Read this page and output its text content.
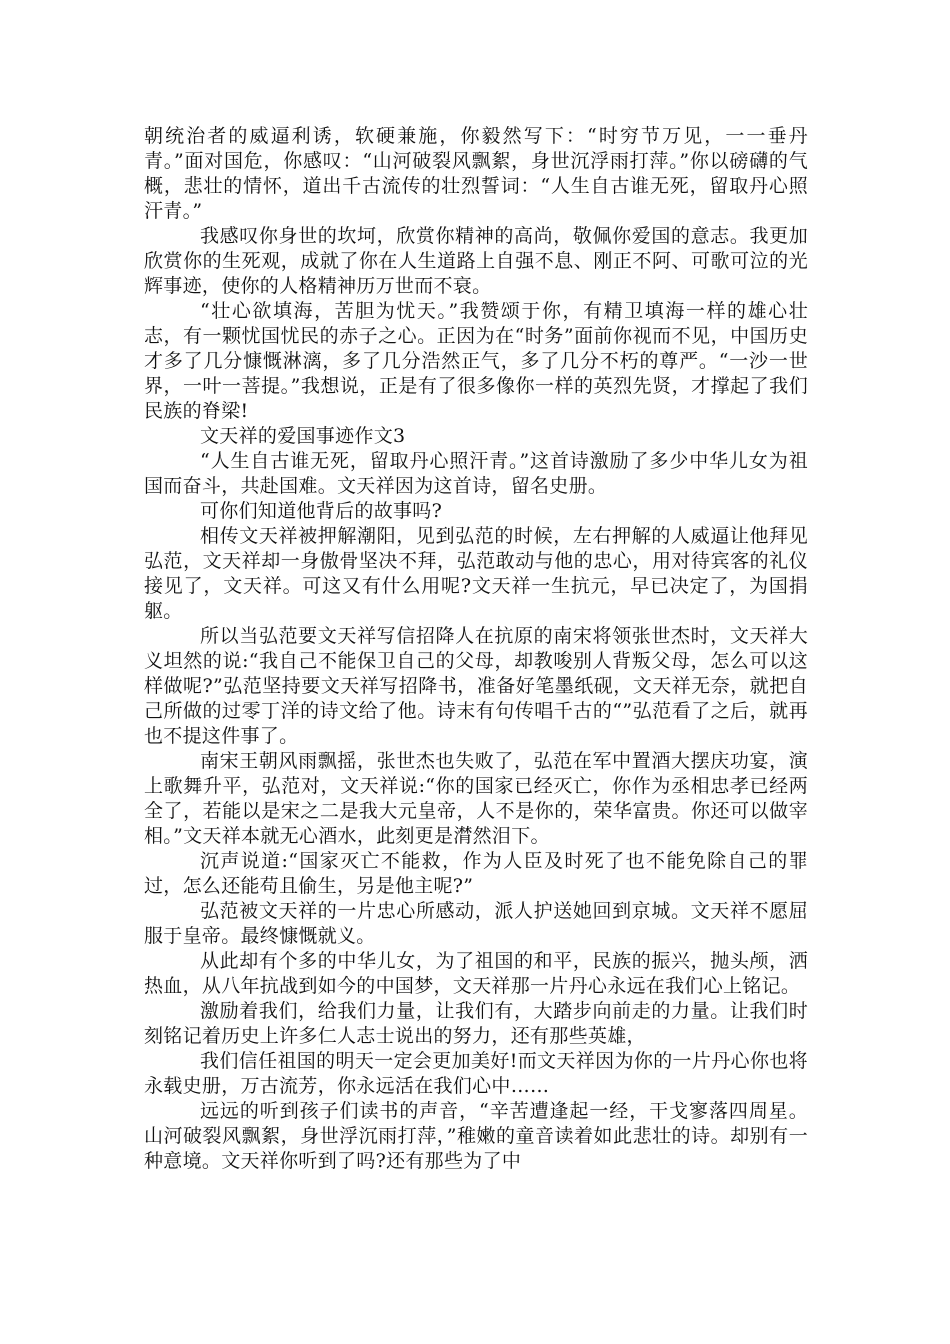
朝统治者的威逼利诱，软硬兼施，你毅然写下：“时穷节万见，一一垂丹青。”面对国危，你感叹：“山河破裂风飘絮，身世沉浮雨打萍。”你以磅礴的气概，悲壮的情怀，道出千古流传的壮烈誓词：“人生自古谁无死，留取丹心照汗青。”

我感叹你身世的坎坷，欣赏你精神的高尚，敬佩你爱国的意志。我更加欣赏你的生死观，成就了你在人生道路上自强不息、刚正不阿、可歌可泣的光辉事迹，使你的人格精神历万世而不衰。

“壮心欲填海，苦胆为忧天。”我赞颂于你，有精卫填海一样的雄心壮志，有一颗忧国忧民的赤子之心。正因为在“时务”面前你视而不见，中国历史才多了几分慷慨淋漓，多了几分浩然正气，多了几分不朽的尊严。“一沙一世界，一叶一菩提。”我想说，正是有了很多像你一样的英烈先贤，才撑起了我们民族的脊梁!

文天祥的爱国事迹作文3

“人生自古谁无死，留取丹心照汗青。”这首诗激励了多少中华儿女为祖国而奋斗，共赴国难。文天祥因为这首诗，留名史册。

可你们知道他背后的故事吗?

相传文天祥被押解潮阳，见到弘范的时候，左右押解的人威逼让他拜见弘范，文天祥却一身傲骨坚决不拜，弘范敢动与他的忠心，用对待宾客的礼仪接见了，文天祥。可这又有什么用呢?文天祥一生抗元，早已决定了，为国捐躯。

所以当弘范要文天祥写信招降人在抗原的南宋将领张世杰时，文天祥大义坦然的说:“我自己不能保卫自己的父母，却教唆别人背叛父母，怎么可以这样做呢?”弘范坚持要文天祥写招降书，准备好笔墨纸砚，文天祥无奈，就把自己所做的过零丁洋的诗文给了他。诗末有句传唱千古的“”弘范看了之后，就再也不提这件事了。

南宋王朝风雨飘摇，张世杰也失败了，弘范在军中置酒大摆庆功宴，演上歌舞升平，弘范对，文天祥说:“你的国家已经灭亡，你作为丞相忠孝已经两全了，若能以是宋之二是我大元皇帝，人不是你的，荣华富贵。你还可以做宰相。”文天祥本就无心酒水，此刻更是潸然泪下。

沉声说道:“国家灭亡不能救，作为人臣及时死了也不能免除自己的罪过，怎么还能苟且偷生，另是他主呢?”

弘范被文天祥的一片忠心所感动，派人护送她回到京城。文天祥不愿屈服于皇帝。最终慷慨就义。

从此却有个多的中华儿女，为了祖国的和平，民族的振兴，抛头颅，洒热血，从八年抗战到如今的中国梦，文天祥那一片丹心永远在我们心上铭记。

激励着我们，给我们力量，让我们有，大踏步向前走的力量。让我们时刻铭记着历史上许多仁人志士说出的努力，还有那些英雄，

我们信任祖国的明天一定会更加美好!而文天祥因为你的一片丹心你也将永载史册，万古流芳，你永远活在我们心中……

远远的听到孩子们读书的声音，“辛苦遭逢起一经，干戈寥落四周星。山河破裂风飘絮，身世浮沉雨打萍，”稚嫩的童音读着如此悲壮的诗。却别有一种意境。文天祥你听到了吗?还有那些为了中
